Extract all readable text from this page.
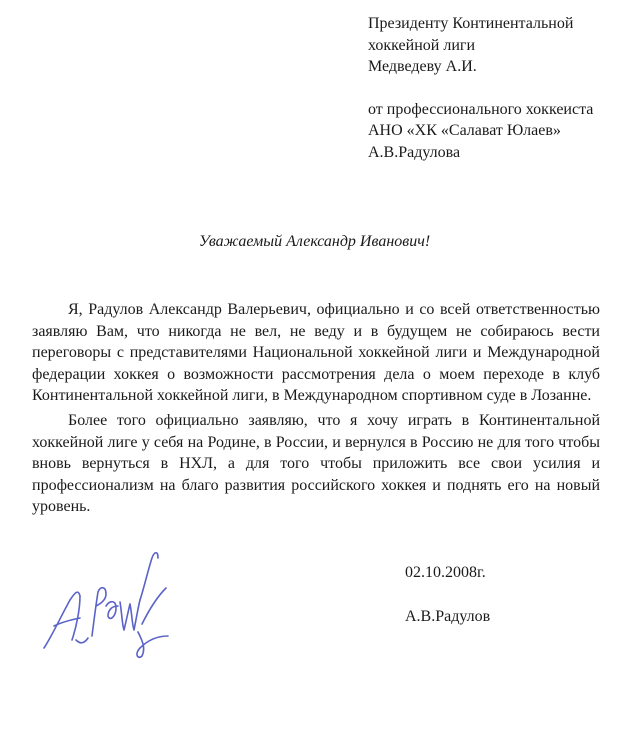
Президенту Континентальной
хоккейной лиги
Медведеву А.И.
от профессионального хоккеиста
АНО «ХК «Салават Юлаев»
А.В.Радулова
Уважаемый Александр Иванович!

Я, Радулов Александр Валерьевич, официально и со всей ответственностью заявляю Вам, что никогда не вел, не веду и в будущем не собираюсь вести переговоры с представителями Национальной хоккейной лиги и Международной федерации хоккея о возможности рассмотрения дела о моем переходе в клуб Континентальной хоккейной лиги, в Международном спортивном суде в Лозанне.

Более того официально заявляю, что я хочу играть в Континентальной хоккейной лиге у себя на Родине, в России, и вернулся в Россию не для того чтобы вновь вернуться в НХЛ, а для того чтобы приложить все свои усилия и профессионализм на благо развития российского хоккея и поднять его на новый уровень.

02.10.2008г.
А.В.Радулов
